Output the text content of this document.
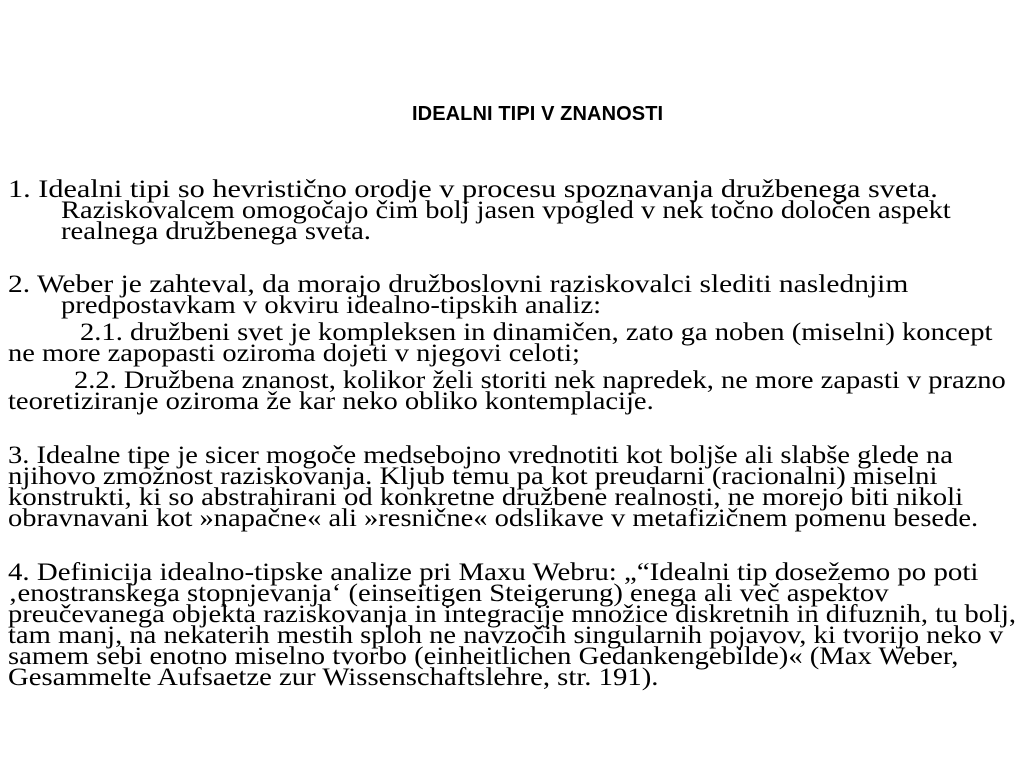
IDEALNI TIPI V ZNANOSTI
1. Idealni tipi so hevristično orodje v procesu spoznavanja družbenega sveta.
Raziskovalcem omogočajo čim bolj jasen vpogled v nek točno določen aspekt
realnega družbenega sveta.
2. Weber je zahteval, da morajo družboslovni raziskovalci slediti naslednjim
predpostavkam v okviru idealno-tipskih analiz:
2.1. družbeni svet je kompleksen in dinamičen, zato ga noben (miselni) koncept
ne more zapopasti oziroma dojeti v njegovi celoti;
2.2. Družbena znanost, kolikor želi storiti nek napredek, ne more zapasti v prazno
teoretiziranje oziroma že kar neko obliko kontemplacije.
3. Idealne tipe je sicer mogoče medsebojno vrednotiti kot boljše ali slabše glede na
njihovo zmožnost raziskovanja. Kljub temu pa kot preudarni (racionalni) miselni
konstrukti, ki so abstrahirani od konkretne družbene realnosti, ne morejo biti nikoli
obravnavani kot »napačne« ali »resnične« odslikave v metafizičnem pomenu besede.
4. Definicija idealno-tipske analize pri Maxu Webru: „“Idealni tip dosežemo po poti
‚enostranskega stopnjevanja‘ (einseitigen Steigerung) enega ali več aspektov
preučevanega objekta raziskovanja in integracije množice diskretnih in difuznih, tu bolj,
tam manj, na nekaterih mestih sploh ne navzočih singularnih pojavov, ki tvorijo neko v
samem sebi enotno miselno tvorbo (einheitlichen Gedankengebilde)« (Max Weber,
Gesammelte Aufsaetze zur Wissenschaftslehre, str. 191).
